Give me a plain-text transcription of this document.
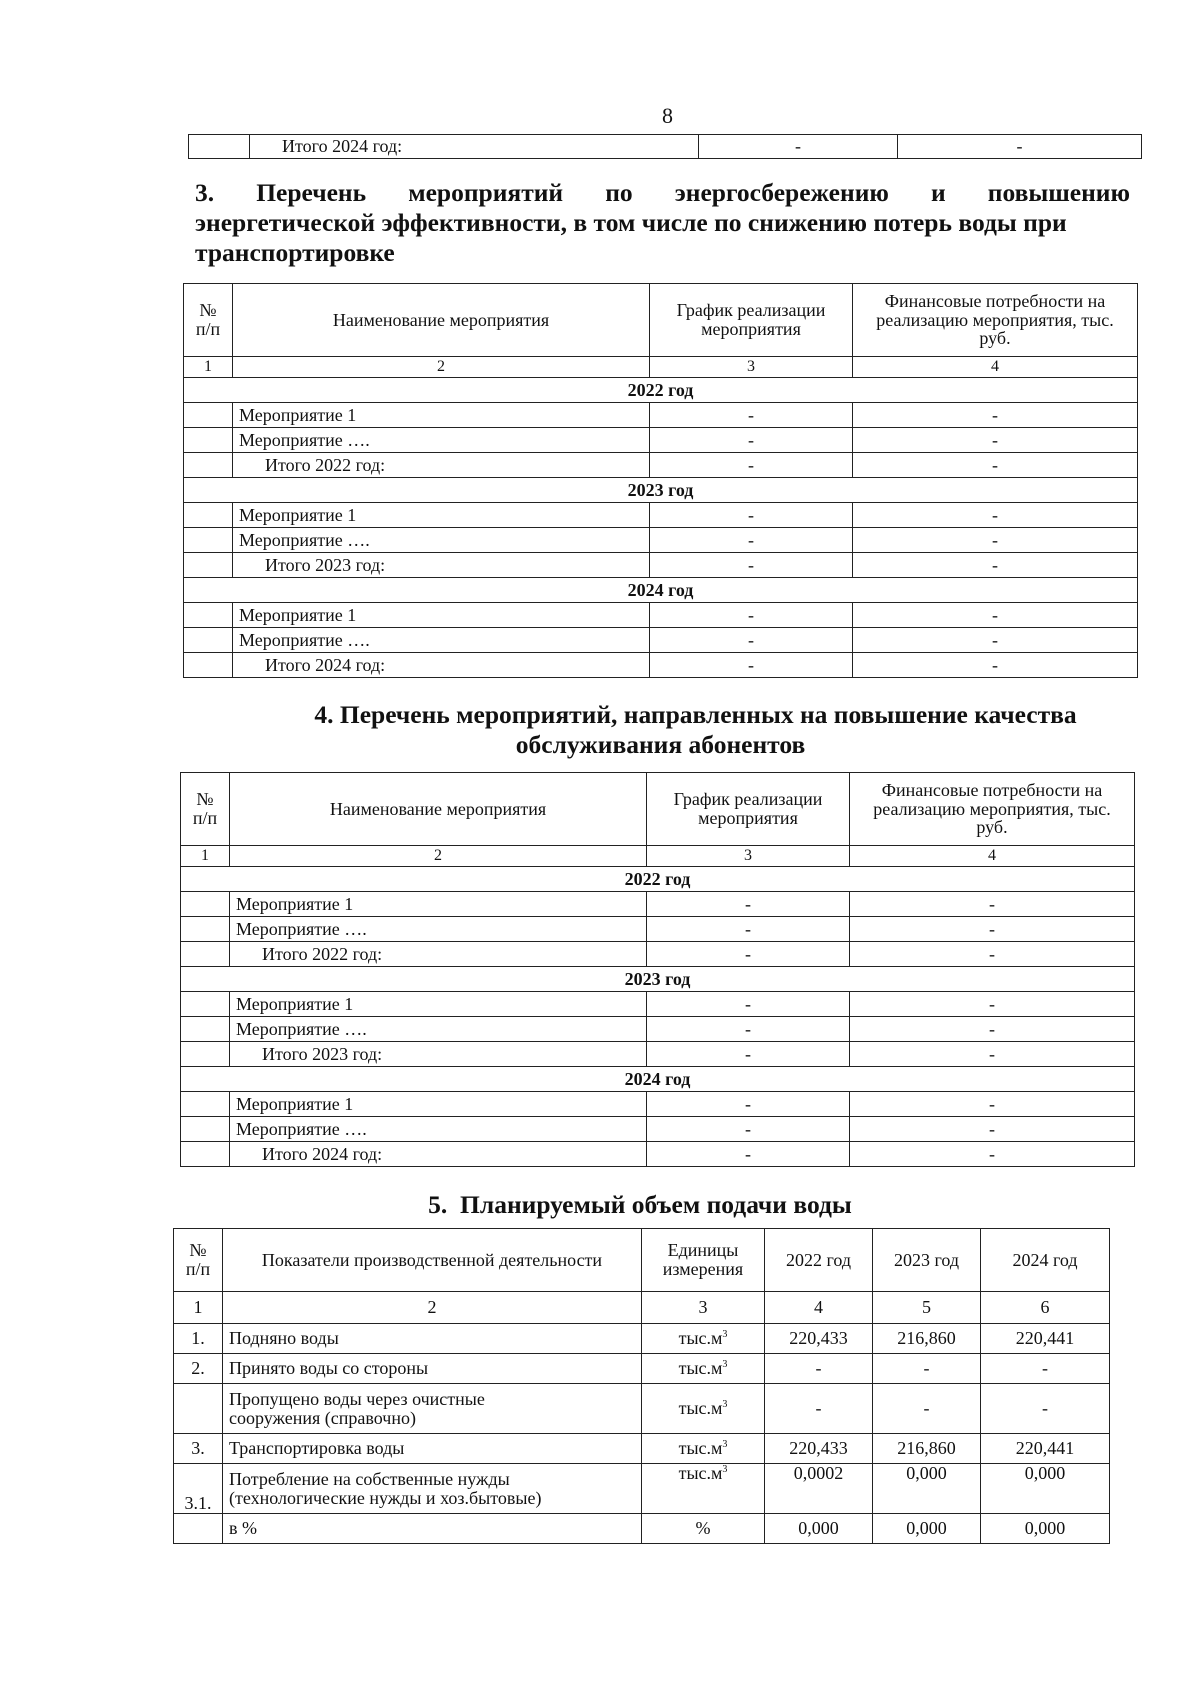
8
	Итого 2024 год:	-	-
3. Перечень мероприятий по энергосбережению и повышению
энергетической эффективности, в том числе по снижению потерь воды при
транспортировке
№ п/п	Наименование мероприятия	График реализации мероприятия	Финансовые потребности на реализацию мероприятия, тыс. руб.
1	2	3	4
2022 год			
	Мероприятие 1	-	-
	Мероприятие ….	-	-
	Итого 2022 год:	-	-
2023 год			
	Мероприятие 1	-	-
	Мероприятие ….	-	-
	Итого 2023 год:	-	-
2024 год			
	Мероприятие 1	-	-
	Мероприятие ….	-	-
	Итого 2024 год:	-	-
4. Перечень мероприятий, направленных на повышение качества
обслуживания абонентов
№ п/п	Наименование мероприятия	График реализации мероприятия	Финансовые потребности на реализацию мероприятия, тыс. руб.
1	2	3	4
2022 год			
	Мероприятие 1	-	-
	Мероприятие ….	-	-
	Итого 2022 год:	-	-
2023 год			
	Мероприятие 1	-	-
	Мероприятие ….	-	-
	Итого 2023 год:	-	-
2024 год			
	Мероприятие 1	-	-
	Мероприятие ….	-	-
	Итого 2024 год:	-	-
5.  Планируемый объем подачи воды
№ п/п	Показатели производственной деятельности	Единицы измерения	2022 год	2023 год	2024 год
1	2	3	4	5	6
1.	Подняно воды	$тыс.м^3$	220,433	216,860	220,441
2.	Принято воды со стороны	$тыс.м^3$	-	-	-

	Пропущено воды через очистные
сооружения (справочно)	$тыс.м^3$	-	-	-
3.	Транспортировка воды	$тыс.м^3$	220,433	216,860	220,441
3.1.	Потребление на собственные нужды
(технологические нужды и хоз.бытовые)	$тыс.м^3$	0,0002	0,000	0,000
	в %	%	0,000	0,000	0,000
